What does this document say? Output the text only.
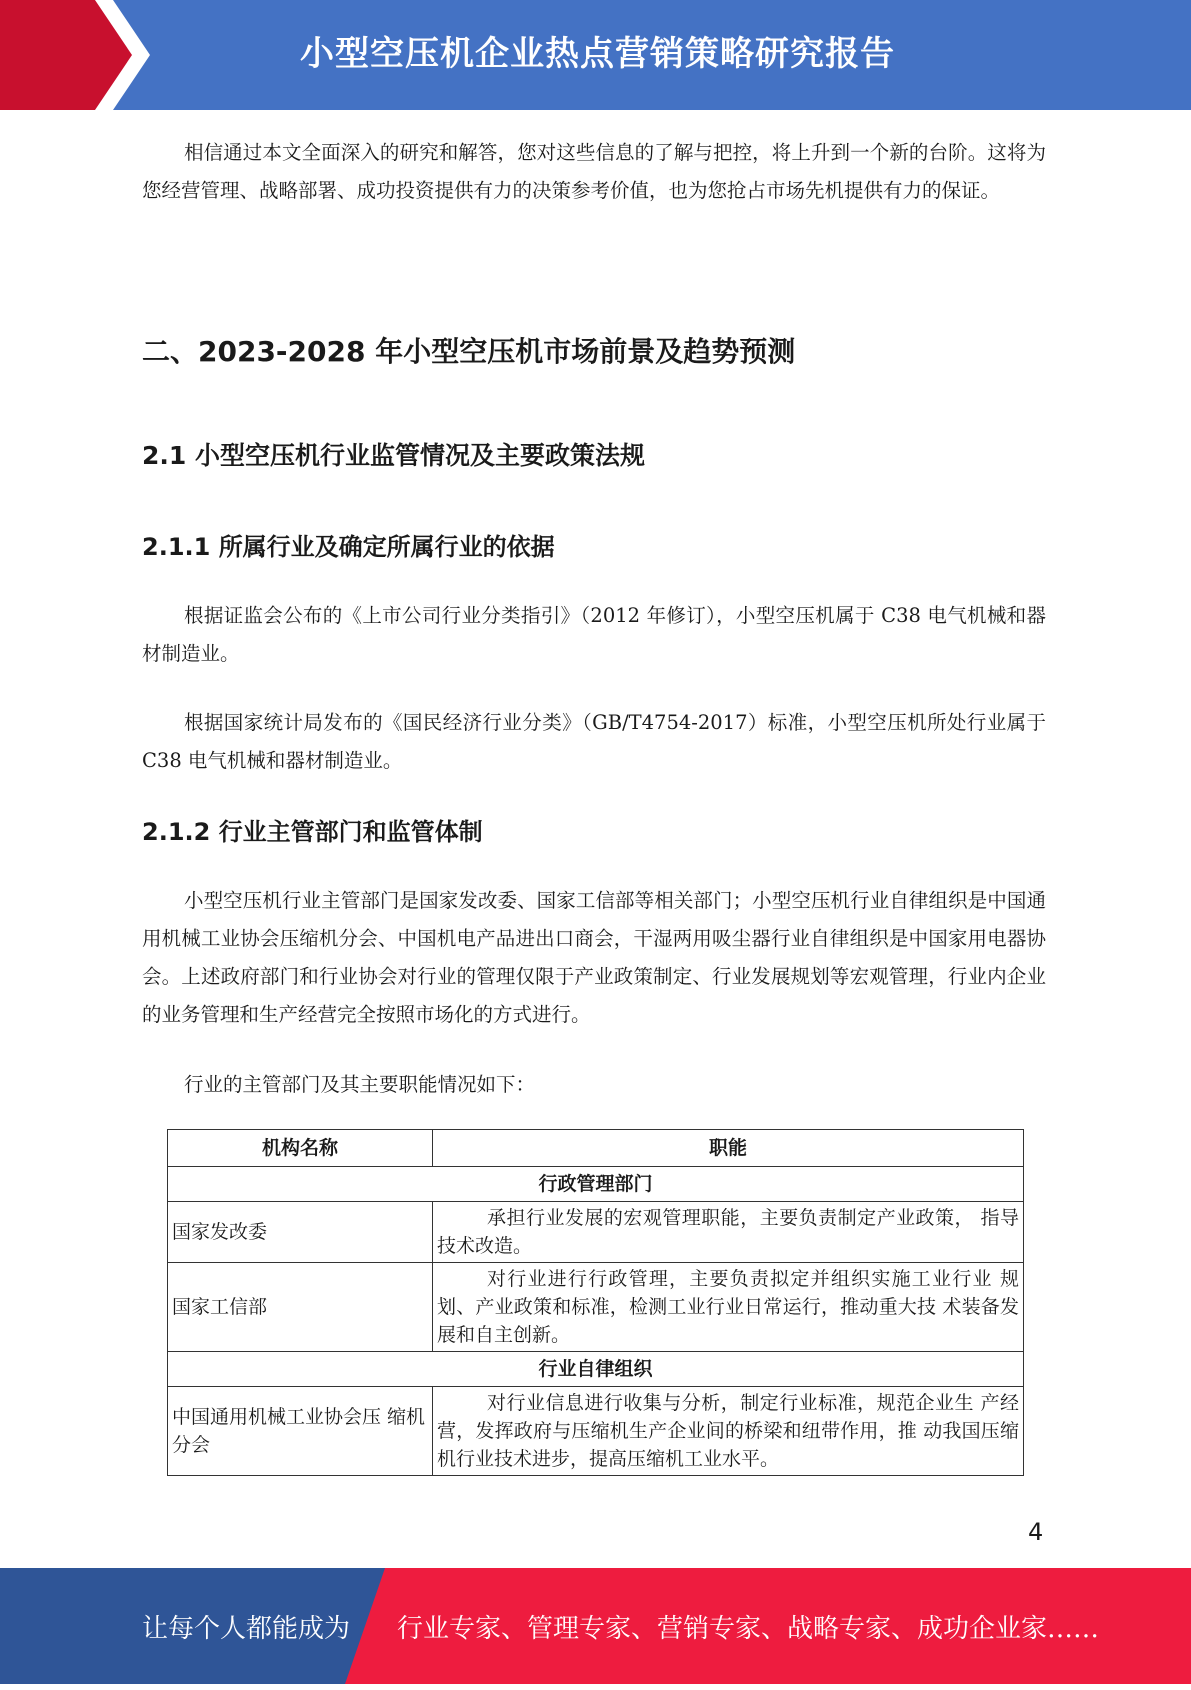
小型空压机企业热点营销策略研究报告

相信通过本文全面深入的研究和解答，您对这些信息的了解与把控，将上升到一个新的台阶。这将为您经营管理、战略部署、成功投资提供有力的决策参考价值，也为您抢占市场先机提供有力的保证。

二、2023-2028 年小型空压机市场前景及趋势预测
2.1 小型空压机行业监管情况及主要政策法规
2.1.1 所属行业及确定所属行业的依据

根据证监会公布的《上市公司行业分类指引》（2012 年修订），小型空压机属于 C38 电气机械和器材制造业。

根据国家统计局发布的《国民经济行业分类》（GB/T4754-2017）标准，小型空压机所处行业属于 C38 电气机械和器材制造业。

2.1.2 行业主管部门和监管体制

小型空压机行业主管部门是国家发改委、国家工信部等相关部门；小型空压机行业自律组织是中国通用机械工业协会压缩机分会、中国机电产品进出口商会，干湿两用吸尘器行业自律组织是中国家用电器协会。上述政府部门和行业协会对行业的管理仅限于产业政策制定、行业发展规划等宏观管理，行业内企业的业务管理和生产经营完全按照市场化的方式进行。

行业的主管部门及其主要职能情况如下：

机构名称	职能
行政管理部门	
国家发改委	承担行业发展的宏观管理职能，主要负责制定产业政策， 指导技术改造。
国家工信部	对行业进行行政管理，主要负责拟定并组织实施工业行业 规划、产业政策和标准，检测工业行业日常运行，推动重大技 术装备发展和自主创新。
行业自律组织	
中国通用机械工业协会压 缩机分会	对行业信息进行收集与分析，制定行业标准，规范企业生 产经营，发挥政府与压缩机生产企业间的桥梁和纽带作用，推 动我国压缩机行业技术进步，提高压缩机工业水平。
4
让每个人都能成为 行业专家、管理专家、营销专家、战略专家、成功企业家……
